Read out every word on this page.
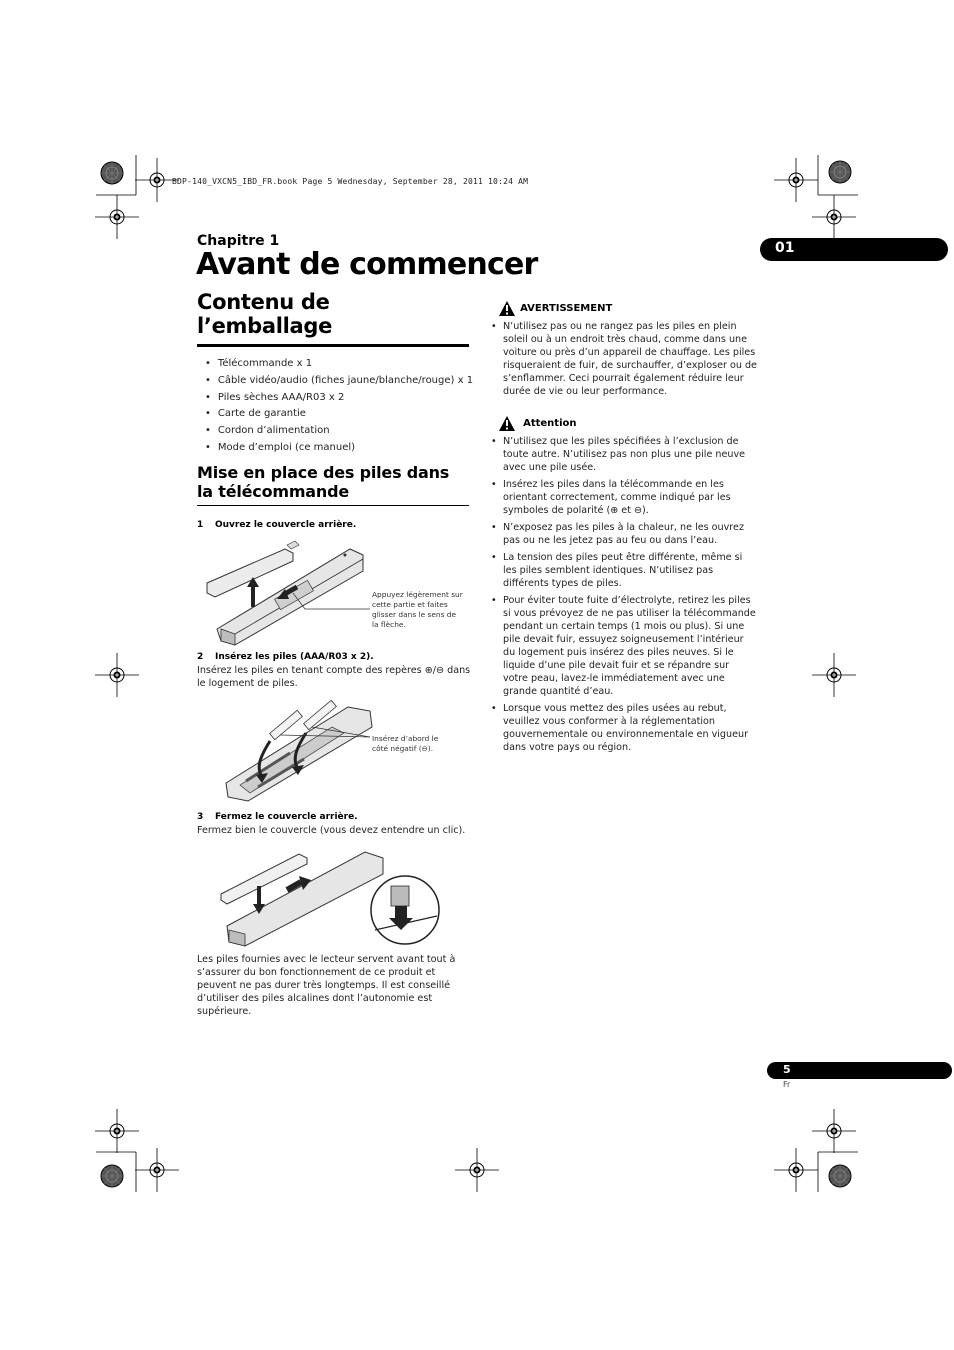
BDP-140_VXCN5_IBD_FR.book Page 5 Wednesday, September 28, 2011 10:24 AM
Chapitre 1
Avant de commencer	01
Contenu de l’emballage
• Télécommande x 1
• Câble vidéo/audio (fiches jaune/blanche/rouge) x 1
• Piles sèches AAA/R03 x 2
• Carte de garantie
• Cordon d’alimentation
• Mode d’emploi (ce manuel)
Mise en place des piles dans la télécommande
1 Ouvrez le couvercle arrière.
Appuyez légèrement sur cette partie et faites glisser dans le sens de la flèche.
2 Insérez les piles (AAA/R03 x 2).
Insérez les piles en tenant compte des repères ⊕/⊖ dans le logement de piles.
Insérez d’abord le côté négatif (⊖).
3 Fermez le couvercle arrière.
Fermez bien le couvercle (vous devez entendre un clic).
Les piles fournies avec le lecteur servent avant tout à s’assurer du bon fonctionnement de ce produit et peuvent ne pas durer très longtemps. Il est conseillé d’utiliser des piles alcalines dont l’autonomie est supérieure.
AVERTISSEMENT
• N’utilisez pas ou ne rangez pas les piles en plein soleil ou à un endroit très chaud, comme dans une voiture ou près d’un appareil de chauffage. Les piles risqueraient de fuir, de surchauffer, d’exploser ou de s’enflammer. Ceci pourrait également réduire leur durée de vie ou leur performance.
Attention
• N’utilisez que les piles spécifiées à l’exclusion de toute autre. N’utilisez pas non plus une pile neuve avec une pile usée.
• Insérez les piles dans la télécommande en les orientant correctement, comme indiqué par les symboles de polarité (⊕ et ⊖).
• N’exposez pas les piles à la chaleur, ne les ouvrez pas ou ne les jetez pas au feu ou dans l’eau.
• La tension des piles peut être différente, même si les piles semblent identiques. N’utilisez pas différents types de piles.
• Pour éviter toute fuite d’électrolyte, retirez les piles si vous prévoyez de ne pas utiliser la télécommande pendant un certain temps (1 mois ou plus). Si une pile devait fuir, essuyez soigneusement l’intérieur du logement puis insérez des piles neuves. Si le liquide d’une pile devait fuir et se répandre sur votre peau, lavez-le immédiatement avec une grande quantité d’eau.
• Lorsque vous mettez des piles usées au rebut, veuillez vous conformer à la réglementation gouvernementale ou environnementale en vigueur dans votre pays ou région.
5
Fr
